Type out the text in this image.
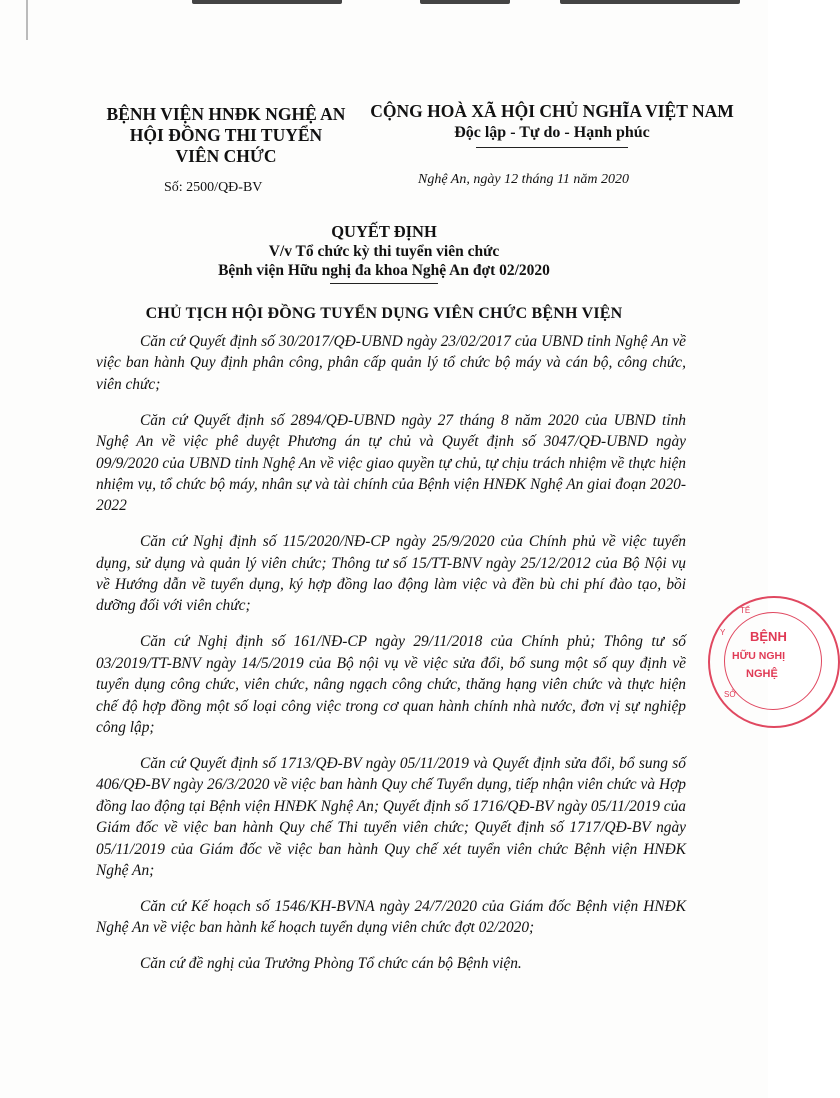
BỆNH VIỆN HNĐK NGHỆ AN
HỘI ĐỒNG THI TUYỂN
VIÊN CHỨC
CỘNG HOÀ XÃ HỘI CHỦ NGHĨA VIỆT NAM
Độc lập - Tự do - Hạnh phúc
Số: 2500/QĐ-BV
Nghệ An, ngày 12 tháng 11 năm 2020
QUYẾT ĐỊNH
V/v Tổ chức kỳ thi tuyển viên chức
Bệnh viện Hữu nghị đa khoa Nghệ An đợt 02/2020
CHỦ TỊCH HỘI ĐỒNG TUYỂN DỤNG VIÊN CHỨC BỆNH VIỆN

Căn cứ Quyết định số 30/2017/QĐ-UBND ngày 23/02/2017 của UBND tỉnh Nghệ An về việc ban hành Quy định phân công, phân cấp quản lý tổ chức bộ máy và cán bộ, công chức, viên chức;

Căn cứ Quyết định số 2894/QĐ-UBND ngày 27 tháng 8 năm 2020 của UBND tỉnh Nghệ An về việc phê duyệt Phương án tự chủ và Quyết định số 3047/QĐ-UBND ngày 09/9/2020 của UBND tỉnh Nghệ An về việc giao quyền tự chủ, tự chịu trách nhiệm về thực hiện nhiệm vụ, tổ chức bộ máy, nhân sự và tài chính của Bệnh viện HNĐK Nghệ An giai đoạn 2020-2022

Căn cứ Nghị định số 115/2020/NĐ-CP ngày 25/9/2020 của Chính phủ về việc tuyển dụng, sử dụng và quản lý viên chức; Thông tư số 15/TT-BNV ngày 25/12/2012 của Bộ Nội vụ về Hướng dẫn về tuyển dụng, ký hợp đồng lao động làm việc và đền bù chi phí đào tạo, bồi dưỡng đối với viên chức;

Căn cứ Nghị định số 161/NĐ-CP ngày 29/11/2018 của Chính phủ; Thông tư số 03/2019/TT-BNV ngày 14/5/2019 của Bộ nội vụ về việc sửa đổi, bổ sung một số quy định về tuyển dụng công chức, viên chức, nâng ngạch công chức, thăng hạng viên chức và thực hiện chế độ hợp đồng một số loại công việc trong cơ quan hành chính nhà nước, đơn vị sự nghiệp công lập;

Căn cứ Quyết định số 1713/QĐ-BV ngày 05/11/2019 và Quyết định sửa đổi, bổ sung số 406/QĐ-BV ngày 26/3/2020 về việc ban hành Quy chế Tuyển dụng, tiếp nhận viên chức và Hợp đồng lao động tại Bệnh viện HNĐK Nghệ An; Quyết định số 1716/QĐ-BV ngày 05/11/2019 của Giám đốc về việc ban hành Quy chế Thi tuyển viên chức; Quyết định số 1717/QĐ-BV ngày 05/11/2019 của Giám đốc về việc ban hành Quy chế xét tuyển viên chức Bệnh viện HNĐK Nghệ An;

Căn cứ Kế hoạch số 1546/KH-BVNA ngày 24/7/2020 của Giám đốc Bệnh viện HNĐK Nghệ An về việc ban hành kế hoạch tuyển dụng viên chức đợt 02/2020;

Căn cứ đề nghị của Trưởng Phòng Tổ chức cán bộ Bệnh viện.

BỆNH
HỮU NGHỊ
NGHỆ
Y
TẾ
SỞ
